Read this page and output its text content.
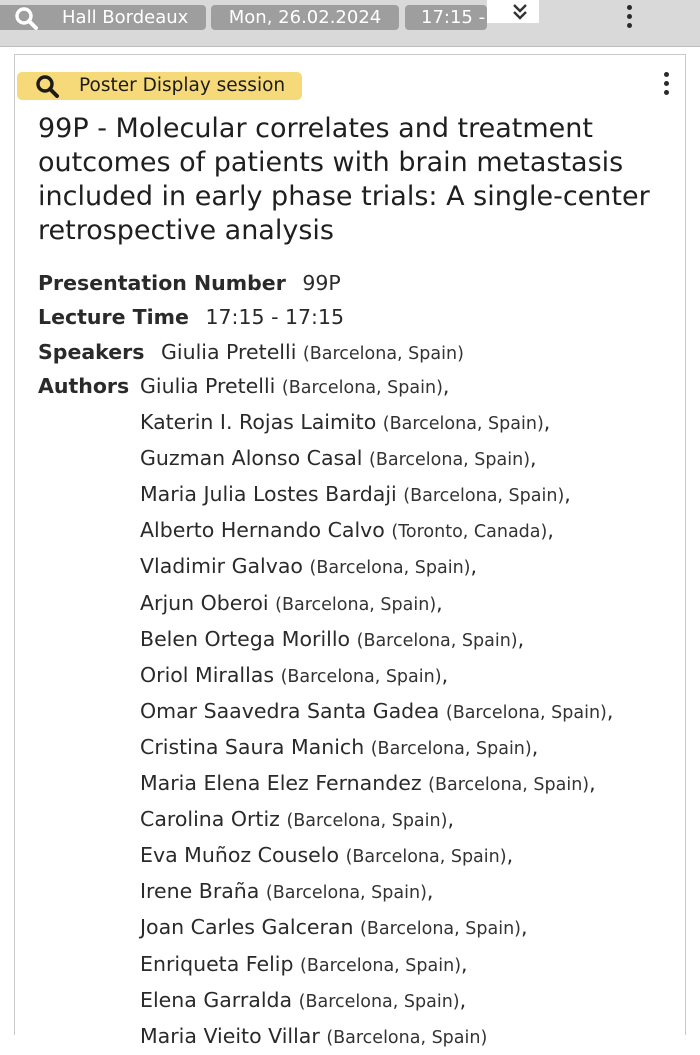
Hall Bordeaux	Mon, 26.02.2024	17:15 -
Poster Display session
99P - Molecular correlates and treatment outcomes of patients with brain metastasis included in early phase trials: A single-center retrospective analysis
Presentation Number 99P
Lecture Time 17:15 - 17:15
Speakers Giulia Pretelli (Barcelona, Spain)
Authors Giulia Pretelli (Barcelona, Spain),
Katerin I. Rojas Laimito (Barcelona, Spain),
Guzman Alonso Casal (Barcelona, Spain),
Maria Julia Lostes Bardaji (Barcelona, Spain),
Alberto Hernando Calvo (Toronto, Canada),
Vladimir Galvao (Barcelona, Spain),
Arjun Oberoi (Barcelona, Spain),
Belen Ortega Morillo (Barcelona, Spain),
Oriol Mirallas (Barcelona, Spain),
Omar Saavedra Santa Gadea (Barcelona, Spain),
Cristina Saura Manich (Barcelona, Spain),
Maria Elena Elez Fernandez (Barcelona, Spain),
Carolina Ortiz (Barcelona, Spain),
Eva Muñoz Couselo (Barcelona, Spain),
Irene Braña (Barcelona, Spain),
Joan Carles Galceran (Barcelona, Spain),
Enriqueta Felip (Barcelona, Spain),
Elena Garralda (Barcelona, Spain),
Maria Vieito Villar (Barcelona, Spain)
